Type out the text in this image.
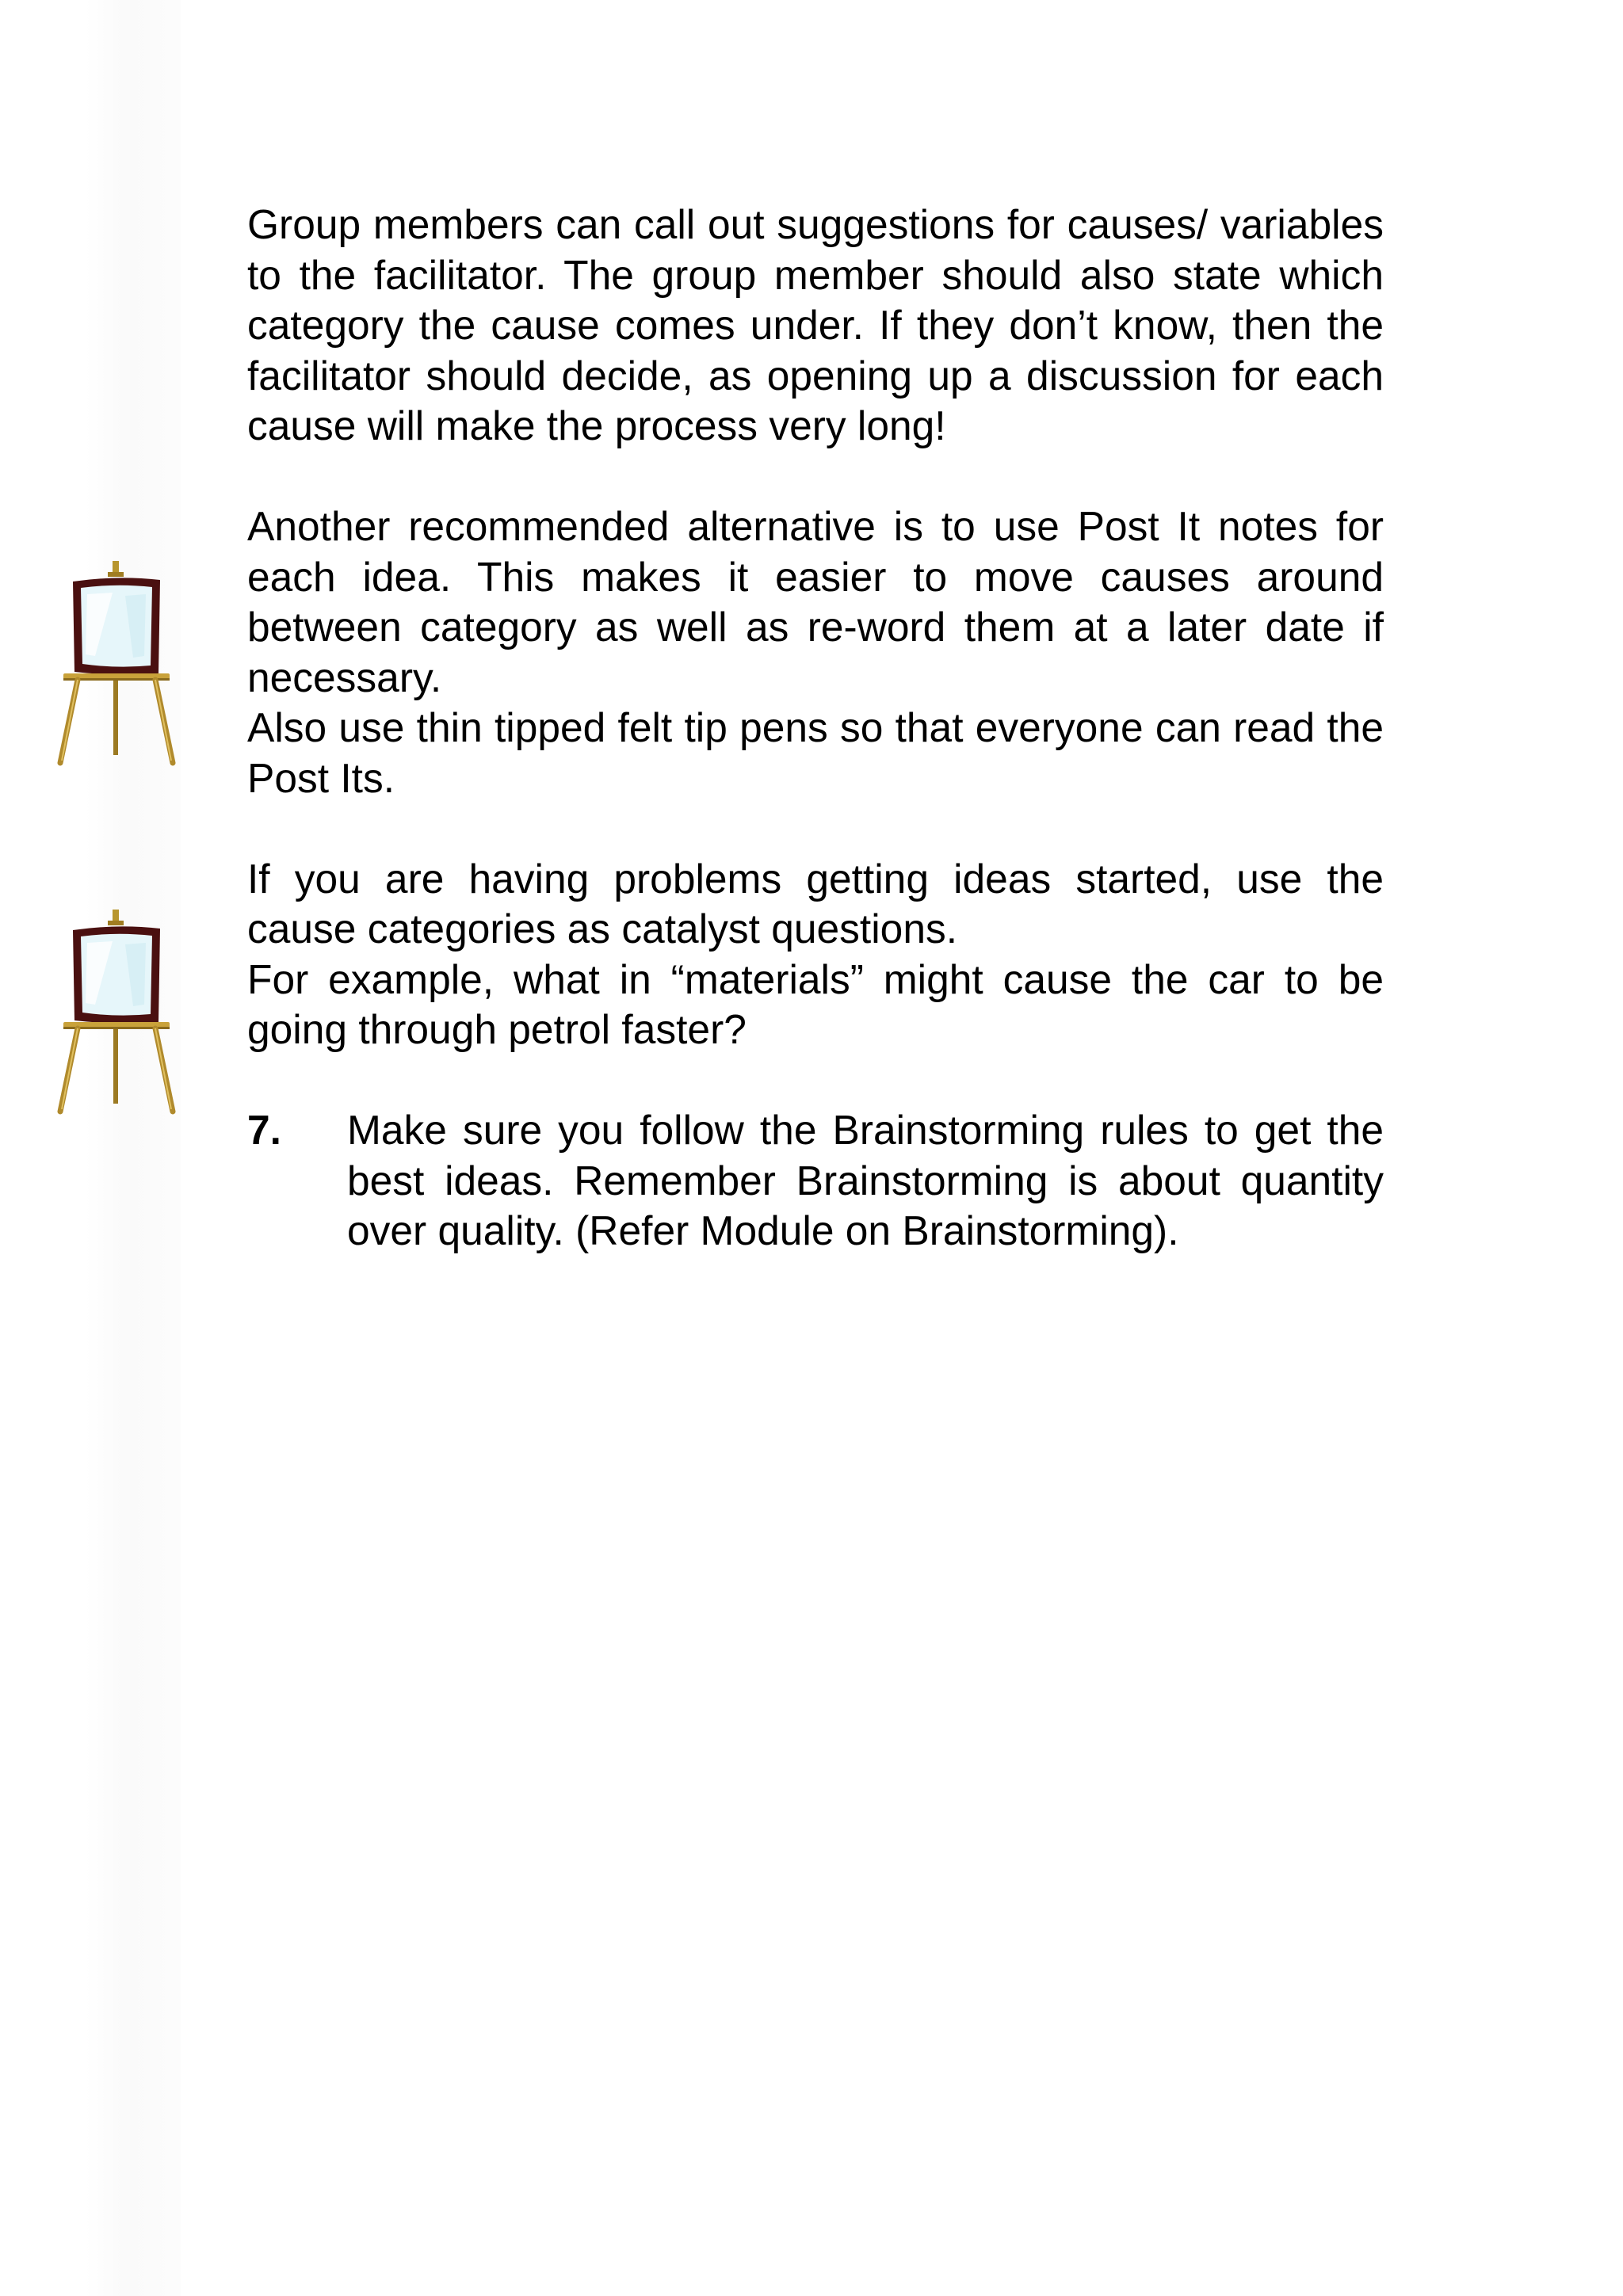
Group members can call out suggestions for causes/ variables to the facilitator. The group member should also state which category the cause comes under. If they don’t know, then the facilitator should decide, as opening up a discussion for each cause will make the process very long!

Another recommended alternative is to use Post It notes for each idea. This makes it easier to move causes around between category as well as re-word them at a later date if necessary.

Also use thin tipped felt tip pens so that everyone can read the Post Its.

If you are having problems getting ideas started, use the cause categories as catalyst questions.

For example, what in “materials” might cause the car to be going through petrol faster?

7. Make sure you follow the Brainstorming rules to get the best ideas. Remember Brainstorming is about quantity over quality. (Refer Module on Brainstorming).
